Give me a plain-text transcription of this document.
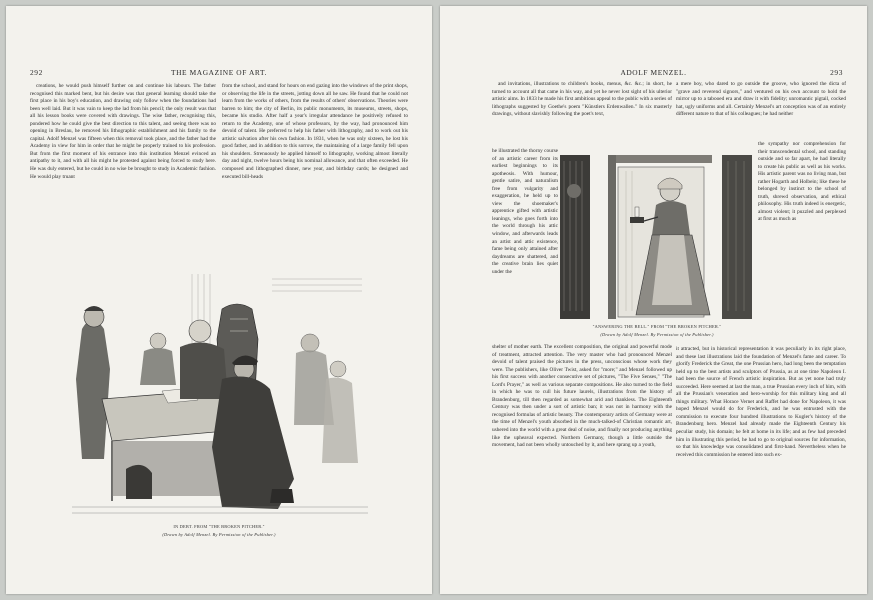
292	THE MAGAZINE OF ART.

creations, he would push himself further on and continue his labours. The father recognised this marked bent, but his desire was that general learning should take the first place in his boy's education, and drawing only follow when the foundations had been well laid. But it was vain to keep the lad from his pencil; the only result was that all his lesson books were covered with drawings. The wise father, recognising this, pondered how he could give the best direction to this talent, and seeing there was no opening in Breslau, he removed his lithographic establishment and his family to the capital. Adolf Menzel was fifteen when this removal took place, and the father had the Academy in view for him in order that he might be properly trained to his profession. But from the first moment of his entrance into this institution Menzel evinced an antipathy to it, and with all his might he protested against being forced to study here. He was duly entered, but he could in no wise be brought to study in Academic fashion. He would play truant

from the school, and stand for hours on end gazing into the windows of the print shops, or observing the life in the streets, jotting down all he saw. He found that he could not learn from the works of others, from the results of others' observations. Theories were barren to him; the city of Berlin, its public monuments, its museums, streets, shops, became his studio. After half a year's irregular attendance he positively refused to return to the Academy, one of whose professors, by the way, had pronounced him devoid of talent. He preferred to help his father with lithography, and to work out his artistic salvation after his own fashion. In 1831, when he was only sixteen, he lost his good father, and in addition to this sorrow, the maintaining of a large family fell upon his shoulders. Strenuously he applied himself to lithography, working almost literally day and night, twelve hours being his nominal allowance, and that often exceeded. He composed and lithographed dinner, new year, and birthday cards; he designed and executed bill-heads

IN DEBT. FROM "THE BROKEN PITCHER."
(Drawn by Adolf Menzel. By Permission of the Publisher.)
ADOLF MENZEL.	293

and invitations, illustrations to children's books, menus, &c. &c.; in short, he turned to account all that came in his way, and yet he never lost sight of his ulterior artistic aims. In 1833 he made his first ambitious appeal to the public with a series of lithographs suggested by Goethe's poem "Künstlers Erdenwallen." In six masterly drawings, without slavishly following the poet's text,

he illustrated the thorny course of an artistic career from its earliest beginnings to its apotheosis. With humour, gentle satire, and naturalism free from vulgarity and exaggeration, he held up to view the shoemaker's apprentice gifted with artistic leanings, who goes forth into the world through his attic window, and afterwards leads an artist and attic existence, fame being only attained after daydreams are shattered, and the creative brain lies quiet under the

shelter of mother earth. The excellent composition, the original and powerful mode of treatment, attracted attention. The very master who had pronounced Menzel devoid of talent praised the pictures in the press, unconscious whose work they were. The publishers, like Oliver Twist, asked for "more;" and Menzel followed up his first success with another consecutive set of pictures, "The Five Senses," "The Lord's Prayer," as well as various separate compositions. He also turned to the field in which he was to cull his future laurels, illustrations from the history of Brandenburg, till then regarded as somewhat arid and thankless. The Eighteenth Century was then under a sort of artistic ban; it was not in harmony with the recognised formulas of artistic beauty. The contemporary artists of Germany were at the time of Menzel's youth absorbed in the much-talked-of Christian romantic art, ushered into the world with a great deal of noise, and finally not producing anything like the upheaval expected. Northern Germany, though a little outside the movement, had not been wholly untouched by it, and here sprang up a youth,

a mere boy, who dared to go outside the groove, who ignored the dicta of "grave and reverend signors," and ventured on his own account to hold the mirror up to a tabooed era and draw it with fidelity; unromantic pigtail, cocked hat, ugly uniforms and all. Certainly Menzel's art conception was of an entirely different nature to that of his colleagues; he had neither

the sympathy nor comprehension for their transcendental school, and standing outside and so far apart, he had literally to create his public as well as his works. His artistic parent was no living man, but rather Hogarth and Holbein; like these he belonged by instinct to the school of truth, shrewd observation, and ethical philosophy. His truth indeed is energetic, almost violent; it puzzled and perplexed at first as much as

it attracted, but in historical representation it was peculiarly in its right place, and these last illustrations laid the foundation of Menzel's fame and career. To glorify Frederick the Great, the one Prussian hero, had long been the temptation held up to the best artists and sculptors of Prussia, as at one time Napoleon I. had been the source of French artistic inspiration. But as yet none had truly succeeded. Here seemed at last the man, a true Prussian every inch of him, with all the Prussian's veneration and hero-worship for this military king and all things military. What Horace Vernet and Raffet had done for Napoleon, it was hoped Menzel would do for Frederick, and he was entrusted with the commission to execute four hundred illustrations to Kugler's history of the Brandenburg hero. Menzel had already made the Eighteenth Century his peculiar study, his domain; he felt at home in its life; and as few had preceded him in illustrating this period, he had to go to original sources for information, so that his knowledge was consolidated and first-hand. Nevertheless when he received this commission he entered into such ex-

"ANSWERING THE BELL." FROM "THE BROKEN PITCHER."
(Drawn by Adolf Menzel. By Permission of the Publisher.)
